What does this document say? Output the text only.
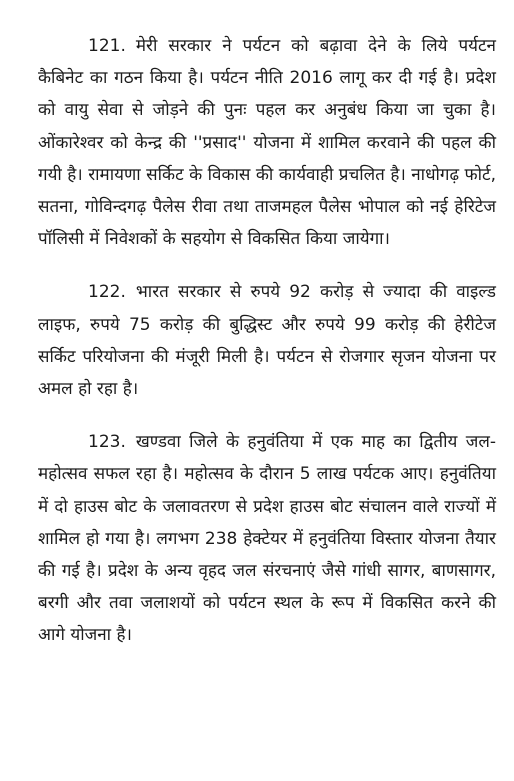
121. मेरी सरकार ने पर्यटन को बढ़ावा देने के लिये पर्यटन कैबिनेट का गठन किया है। पर्यटन नीति 2016 लागू कर दी गई है। प्रदेश को वायु सेवा से जोड़ने की पुनः पहल कर अनुबंध किया जा चुका है। ओंकारेश्वर को केन्द्र की ''प्रसाद'' योजना में शामिल करवाने की पहल की गयी है। रामायणा सर्किट के विकास की कार्यवाही प्रचलित है। नाधोगढ़ फोर्ट, सतना, गोविन्दगढ़ पैलेस रीवा तथा ताजमहल पैलेस भोपाल को नई हेरिटेज पॉलिसी में निवेशकों के सहयोग से विकसित किया जायेगा।

122. भारत सरकार से रुपये 92 करोड़ से ज्यादा की वाइल्ड लाइफ, रुपये 75 करोड़ की बुद्धिस्ट और रुपये 99 करोड़ की हेरीटेज सर्किट परियोजना की मंजूरी मिली है। पर्यटन से रोजगार सृजन योजना पर अमल हो रहा है।

123. खण्डवा जिले के हनुवंतिया में एक माह का द्वितीय जल-महोत्सव सफल रहा है। महोत्सव के दौरान 5 लाख पर्यटक आए। हनुवंतिया में दो हाउस बोट के जलावतरण से प्रदेश हाउस बोट संचालन वाले राज्यों में शामिल हो गया है। लगभग 238 हेक्टेयर में हनुवंतिया विस्तार योजना तैयार की गई है। प्रदेश के अन्य वृहद जल संरचनाएं जैसे गांधी सागर, बाणसागर, बरगी और तवा जलाशयों को पर्यटन स्थल के रूप में विकसित करने की आगे योजना है।
